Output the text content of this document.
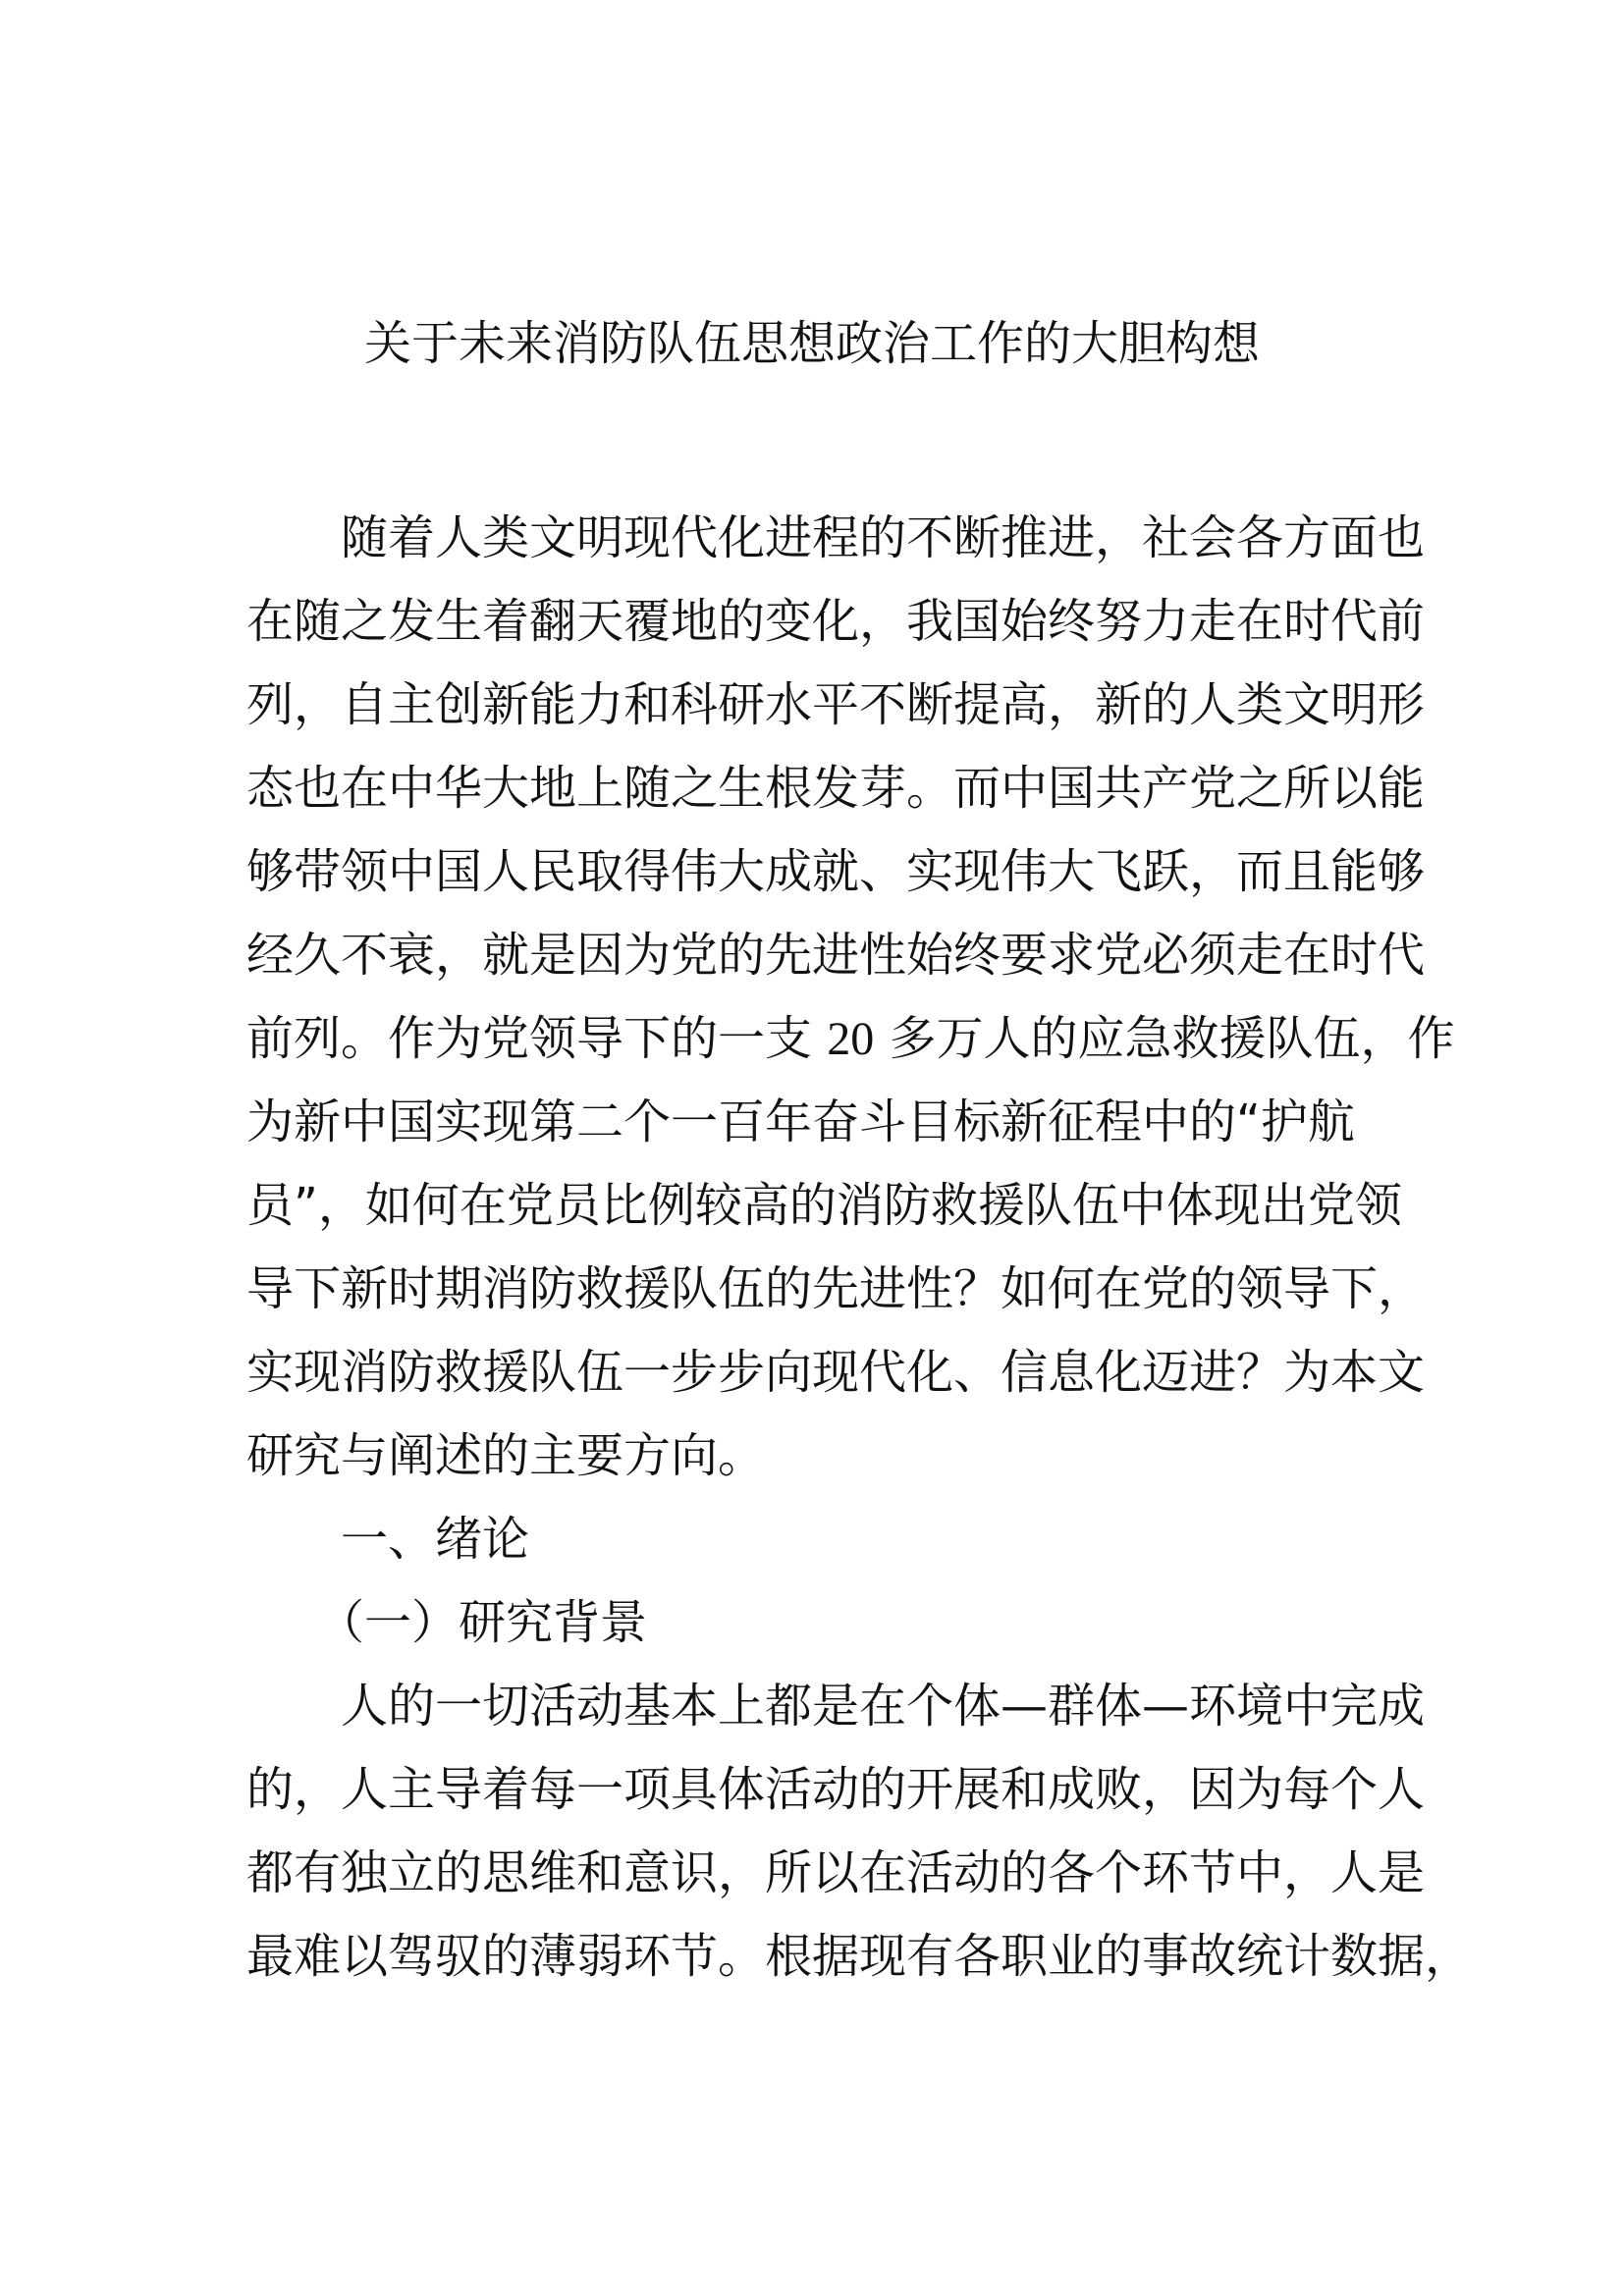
关于未来消防队伍思想政治工作的大胆构想
　　随着人类文明现代化进程的不断推进，社会各方面也
在随之发生着翻天覆地的变化，我国始终努力走在时代前
列，自主创新能力和科研水平不断提高，新的人类文明形
态也在中华大地上随之生根发芽。而中国共产党之所以能
够带领中国人民取得伟大成就、实现伟大飞跃，而且能够
经久不衰，就是因为党的先进性始终要求党必须走在时代
前列。作为党领导下的一支 20 多万人的应急救援队伍，作
为新中国实现第二个一百年奋斗目标新征程中的“护航
员”，如何在党员比例较高的消防救援队伍中体现出党领
导下新时期消防救援队伍的先进性？如何在党的领导下，
实现消防救援队伍一步步向现代化、信息化迈进？为本文
研究与阐述的主要方向。
　　一、绪论
　　（一）研究背景
　　人的一切活动基本上都是在个体—群体—环境中完成
的，人主导着每一项具体活动的开展和成败，因为每个人
都有独立的思维和意识，所以在活动的各个环节中，人是
最难以驾驭的薄弱环节。根据现有各职业的事故统计数据，
